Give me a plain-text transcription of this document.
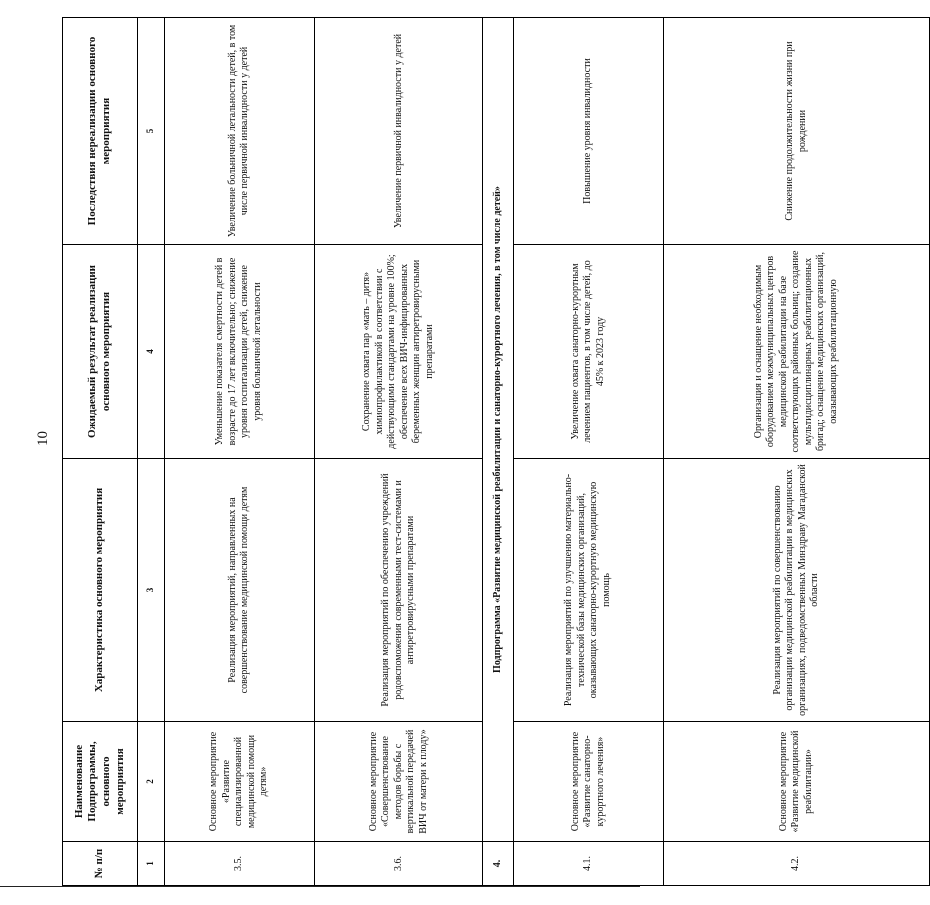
10
№ п/п	Наименование Подпрограммы, основного мероприятия	Характеристика основного мероприятия	Ожидаемый результат реализации основного мероприятия	Последствия нереализации основного мероприятия
1	2	3	4	5
3.5.	Основное мероприятие «Развитие специализированной медицинской помощи детям»	Реализация мероприятий, направленных на совершенствование медицинской помощи детям	Уменьшение показателя смертности детей в возрасте до 17 лет включительно; снижение уровня госпитализации детей, снижение уровня больничной летальности	Увеличение больничной летальности детей, в том числе первичной инвалидности у детей
3.6.	Основное мероприятие «Совершенствование методов борьбы с вертикальной передачей ВИЧ от матери к плоду»	Реализация мероприятий по обеспечению учреждений родовспоможения современными тест-системами и антиретровирусными препаратами	Сохранение охвата пар «мать – дитя» химиопрофилактикой в соответствии с действующими стандартами на уровне 100%; обеспечение всех ВИЧ-инфицированных беременных женщин антиретровирусными препаратами	Увеличение первичной инвалидности у детей
4.	Подпрограмма «Развитие медицинской реабилитации и санаторно-курортного лечения, в том числе детей»			
4.1.	Основное мероприятие «Развитие санаторно-курортного лечения»	Реализация мероприятий по улучшению материально-технической базы медицинских организаций, оказывающих санаторно-курортную медицинскую помощь	Увеличение охвата санаторно-курортным лечением пациентов, в том числе детей, до 45% к 2023 году	Повышение уровня инвалидности
4.2.	Основное мероприятие «Развитие медицинской реабилитации»	Реализация мероприятий по совершенствованию организации медицинской реабилитации в медицинских организациях, подведомственных Минздраву Магаданской области	Организация и оснащение необходимым оборудованием межмуниципальных центров медицинской реабилитации на базе соответствующих районных больниц; создание мультидисциплинарных реабилитационных бригад; оснащение медицинских организаций, оказывающих реабилитационную	Снижение продолжительности жизни при рождении
